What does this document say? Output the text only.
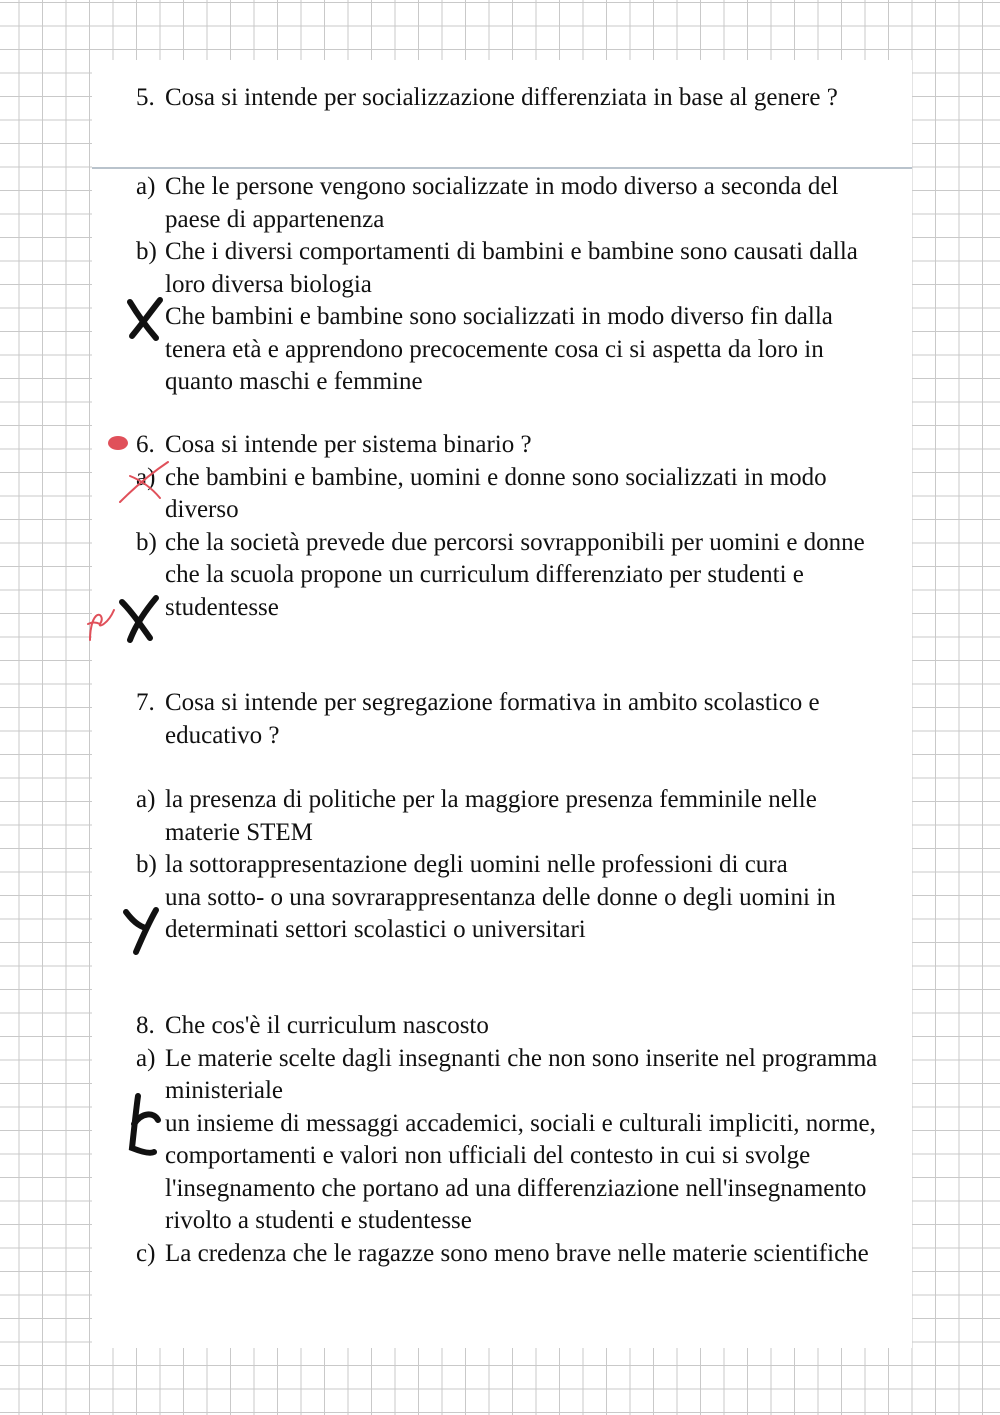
5. Cosa si intende per socializzazione differenziata in base al genere ?
a) Che le persone vengono socializzate in modo diverso a seconda del paese di appartenenza
b) Che i diversi comportamenti di bambini e bambine sono causati dalla loro diversa biologia
Che bambini e bambine sono socializzati in modo diverso fin dalla tenera età e apprendono precocemente cosa ci si aspetta da loro in quanto maschi e femmine
6. Cosa si intende per sistema binario ?
a) che bambini e bambine, uomini e donne sono socializzati in modo diverso
b) che la società prevede due percorsi sovrapponibili per uomini e donne
che la scuola propone un curriculum differenziato per studenti e studentesse
7. Cosa si intende per segregazione formativa in ambito scolastico e educativo ?
a) la presenza di politiche per la maggiore presenza femminile nelle materie STEM
b) la sottorappresentazione degli uomini nelle professioni di cura
una sotto- o una sovrarappresentanza delle donne o degli uomini in determinati settori scolastici o universitari
8. Che cos'è il curriculum nascosto
a) Le materie scelte dagli insegnanti che non sono inserite nel programma ministeriale
un insieme di messaggi accademici, sociali e culturali impliciti, norme, comportamenti e valori non ufficiali del contesto in cui si svolge l'insegnamento che portano ad una differenziazione nell'insegnamento rivolto a studenti e studentesse
c) La credenza che le ragazze sono meno brave nelle materie scientifiche
